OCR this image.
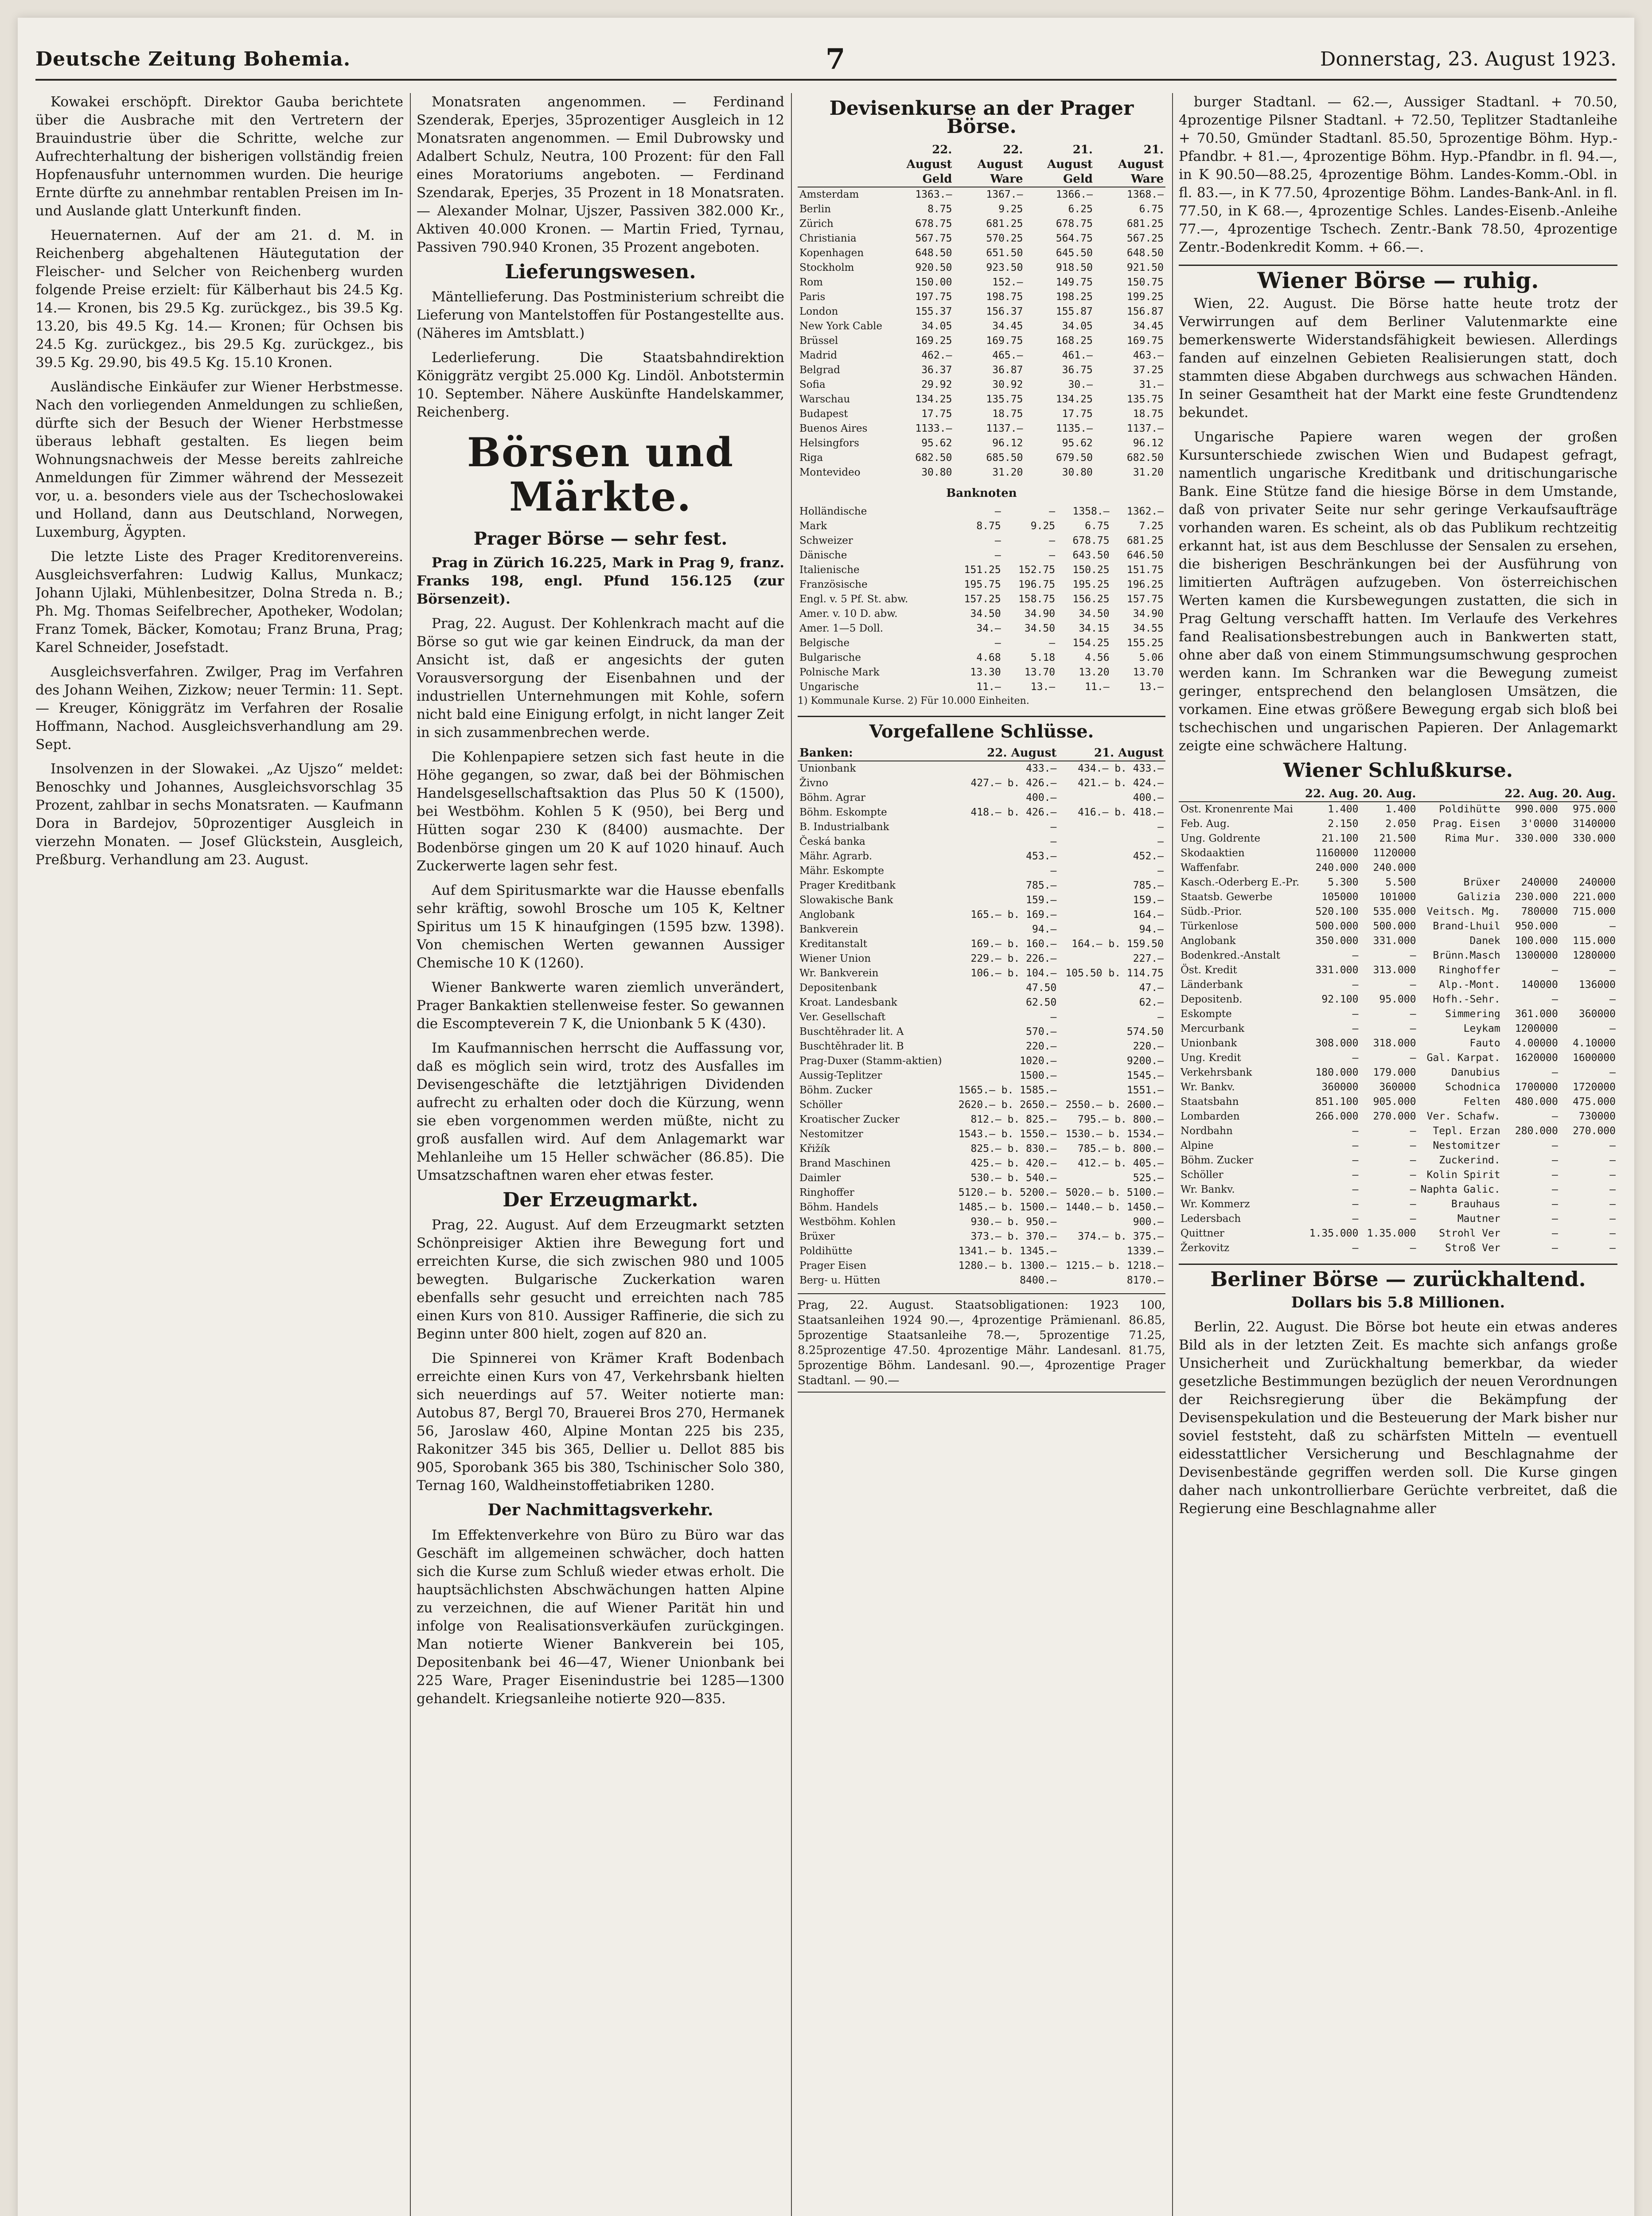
Deutsche Zeitung Bohemia.	7	Donnerstag, 23. August 1923.

Kowakei erschöpft. Direktor Gauba berichtete über die Ausbrache mit den Vertretern der Brauindustrie über die Schritte, welche zur Aufrechterhaltung der bisherigen vollständig freien Hopfenausfuhr unternommen wurden. Die heurige Ernte dürfte zu annehmbar rentablen Preisen im In- und Auslande glatt Unterkunft finden.

Heuernaternen. Auf der am 21. d. M. in Reichenberg abgehaltenen Häutegutation der Fleischer- und Selcher von Reichenberg wurden folgende Preise erzielt: für Kälberhaut bis 24.5 Kg. 14.— Kronen, bis 29.5 Kg. zurückgez., bis 39.5 Kg. 13.20, bis 49.5 Kg. 14.— Kronen; für Ochsen bis 24.5 Kg. zurückgez., bis 29.5 Kg. zurückgez., bis 39.5 Kg. 29.90, bis 49.5 Kg. 15.10 Kronen.

Ausländische Einkäufer zur Wiener Herbstmesse. Nach den vorliegenden Anmeldungen zu schließen, dürfte sich der Besuch der Wiener Herbstmesse überaus lebhaft gestalten. Es liegen beim Wohnungsnachweis der Messe bereits zahlreiche Anmeldungen für Zimmer während der Messezeit vor, u. a. besonders viele aus der Tschechoslowakei und Holland, dann aus Deutschland, Norwegen, Luxemburg, Ägypten.

Die letzte Liste des Prager Kreditorenvereins. Ausgleichsverfahren: Ludwig Kallus, Munkacz; Johann Ujlaki, Mühlenbesitzer, Dolna Streda n. B.; Ph. Mg. Thomas Seifelbrecher, Apotheker, Wodolan; Franz Tomek, Bäcker, Komotau; Franz Bruna, Prag; Karel Schneider, Josefstadt.

Ausgleichsverfahren. Zwilger, Prag im Verfahren des Johann Weihen, Zizkow; neuer Termin: 11. Sept. — Kreuger, Königgrätz im Verfahren der Rosalie Hoffmann, Nachod. Ausgleichsverhandlung am 29. Sept.

Insolvenzen in der Slowakei. „Az Ujszo“ meldet: Benoschky und Johannes, Ausgleichsvorschlag 35 Prozent, zahlbar in sechs Monatsraten. — Kaufmann Dora in Bardejov, 50prozentiger Ausgleich in vierzehn Monaten. — Josef Glückstein, Ausgleich, Preßburg. Verhandlung am 23. August.

Monatsraten angenommen. — Ferdinand Szenderak, Eperjes, 35prozentiger Ausgleich in 12 Monatsraten angenommen. — Emil Dubrowsky und Adalbert Schulz, Neutra, 100 Prozent: für den Fall eines Moratoriums angeboten. — Ferdinand Szendarak, Eperjes, 35 Prozent in 18 Monatsraten. — Alexander Molnar, Ujszer, Passiven 382.000 Kr., Aktiven 40.000 Kronen. — Martin Fried, Tyrnau, Passiven 790.940 Kronen, 35 Prozent angeboten.

Lieferungswesen.

Mäntellieferung. Das Postministerium schreibt die Lieferung von Mantelstoffen für Postangestellte aus. (Näheres im Amtsblatt.)

Lederlieferung. Die Staatsbahndirektion Königgrätz vergibt 25.000 Kg. Lindöl. Anbotstermin 10. September. Nähere Auskünfte Handelskammer, Reichenberg.

Börsen und Märkte.
Prager Börse — sehr fest.

Prag in Zürich 16.225, Mark in Prag 9, franz. Franks 198, engl. Pfund 156.125 (zur Börsenzeit).

Prag, 22. August. Der Kohlenkrach macht auf die Börse so gut wie gar keinen Eindruck, da man der Ansicht ist, daß er angesichts der guten Vorausversorgung der Eisenbahnen und der industriellen Unternehmungen mit Kohle, sofern nicht bald eine Einigung erfolgt, in nicht langer Zeit in sich zusammenbrechen werde.

Die Kohlenpapiere setzen sich fast heute in die Höhe gegangen, so zwar, daß bei der Böhmischen Handelsgesellschaftsaktion das Plus 50 K (1500), bei Westböhm. Kohlen 5 K (950), bei Berg und Hütten sogar 230 K (8400) ausmachte. Der Bodenbörse gingen um 20 K auf 1020 hinauf. Auch Zuckerwerte lagen sehr fest.

Auf dem Spiritusmarkte war die Hausse ebenfalls sehr kräftig, sowohl Brosche um 105 K, Keltner Spiritus um 15 K hinaufgingen (1595 bzw. 1398). Von chemischen Werten gewannen Aussiger Chemische 10 K (1260).

Wiener Bankwerte waren ziemlich unverändert, Prager Bankaktien stellenweise fester. So gewannen die Escompteverein 7 K, die Unionbank 5 K (430).

Im Kaufmannischen herrscht die Auffassung vor, daß es möglich sein wird, trotz des Ausfalles im Devisengeschäfte die letztjährigen Dividenden aufrecht zu erhalten oder doch die Kürzung, wenn sie eben vorgenommen werden müßte, nicht zu groß ausfallen wird. Auf dem Anlagemarkt war Mehlanleihe um 15 Heller schwächer (86.85). Die Umsatzschaftnen waren eher etwas fester.

Der Erzeugmarkt.

Prag, 22. August. Auf dem Erzeugmarkt setzten Schönpreisiger Aktien ihre Bewegung fort und erreichten Kurse, die sich zwischen 980 und 1005 bewegten. Bulgarische Zuckerkation waren ebenfalls sehr gesucht und erreichten nach 785 einen Kurs von 810. Aussiger Raffinerie, die sich zu Beginn unter 800 hielt, zogen auf 820 an.

Die Spinnerei von Krämer Kraft Bodenbach erreichte einen Kurs von 47, Verkehrsbank hielten sich neuerdings auf 57. Weiter notierte man: Autobus 87, Bergl 70, Brauerei Bros 270, Hermanek 56, Jaroslaw 460, Alpine Montan 225 bis 235, Rakonitzer 345 bis 365, Dellier u. Dellot 885 bis 905, Sporobank 365 bis 380, Tschinischer Solo 380, Ternag 160, Waldheinstoffetiabriken 1280.

Der Nachmittagsverkehr.

Im Effektenverkehre von Büro zu Büro war das Geschäft im allgemeinen schwächer, doch hatten sich die Kurse zum Schluß wieder etwas erholt. Die hauptsächlichsten Abschwächungen hatten Alpine zu verzeichnen, die auf Wiener Parität hin und infolge von Realisationsverkäufen zurückgingen. Man notierte Wiener Bankverein bei 105, Depositenbank bei 46—47, Wiener Unionbank bei 225 Ware, Prager Eisenindustrie bei 1285—1300 gehandelt. Kriegsanleihe notierte 920—835.

Devisenkurse an der Prager Börse.
	22. August Geld	22. August Ware	21. August Geld	21. August Ware
Amsterdam	1363.—	1367.—	1366.—	1368.—
Berlin	8.75	9.25	6.25	6.75
Zürich	678.75	681.25	678.75	681.25
Christiania	567.75	570.25	564.75	567.25
Kopenhagen	648.50	651.50	645.50	648.50
Stockholm	920.50	923.50	918.50	921.50
Rom	150.00	152.—	149.75	150.75
Paris	197.75	198.75	198.25	199.25
London	155.37	156.37	155.87	156.87
New York Cable	34.05	34.45	34.05	34.45
Brüssel	169.25	169.75	168.25	169.75
Madrid	462.—	465.—	461.—	463.—
Belgrad	36.37	36.87	36.75	37.25
Sofia	29.92	30.92	30.—	31.—
Warschau	134.25	135.75	134.25	135.75
Budapest	17.75	18.75	17.75	18.75
Buenos Aires	1133.—	1137.—	1135.—	1137.—
Helsingfors	95.62	96.12	95.62	96.12
Riga	682.50	685.50	679.50	682.50
Montevideo	30.80	31.20	30.80	31.20
Banknoten
Holländische	—	—	1358.—	1362.—
Mark	8.75	9.25	6.75	7.25
Schweizer	—	—	678.75	681.25
Dänische	—	—	643.50	646.50
Italienische	151.25	152.75	150.25	151.75
Französische	195.75	196.75	195.25	196.25
Engl. v. 5 Pf. St. abw.	157.25	158.75	156.25	157.75
Amer. v. 10 D. abw.	34.50	34.90	34.50	34.90
Amer. 1—5 Doll.	34.—	34.50	34.15	34.55
Belgische	—	—	154.25	155.25
Bulgarische	4.68	5.18	4.56	5.06
Polnische Mark	13.30	13.70	13.20	13.70
Ungarische	11.—	13.—	11.—	13.—
1) Kommunale Kurse. 2) Für 10.000 Einheiten.
Vorgefallene Schlüsse.
Banken:	22. August	21. August
Unionbank	433.—	434.— b. 433.—
Živno	427.— b. 426.—	421.— b. 424.—
Böhm. Agrar	400.—	400.—
Böhm. Eskompte	418.— b. 426.—	416.— b. 418.—
B. Industrialbank	—	—
Česká banka	—	—
Mähr. Agrarb.	453.—	452.—
Mähr. Eskompte	—	—
Prager Kreditbank	785.—	785.—
Slowakische Bank	159.—	159.—
Anglobank	165.— b. 169.—	164.—
Bankverein	94.—	94.—
Kreditanstalt	169.— b. 160.—	164.— b. 159.50
Wiener Union	229.— b. 226.—	227.—
Wr. Bankverein	106.— b. 104.—	105.50 b. 114.75
Depositenbank	47.50	47.—
Kroat. Landesbank	62.50	62.—
Ver. Gesellschaft	—	—
Buschtěhrader lit. A	570.—	574.50
Buschtěhrader lit. B	220.—	220.—
Prag-Duxer (Stamm-aktien)	1020.—	9200.—
Aussig-Teplitzer	1500.—	1545.—
Böhm. Zucker	1565.— b. 1585.—	1551.—
Schöller	2620.— b. 2650.—	2550.— b. 2600.—
Kroatischer Zucker	812.— b. 825.—	795.— b. 800.—
Nestomitzer	1543.— b. 1550.—	1530.— b. 1534.—
Křižík	825.— b. 830.—	785.— b. 800.—
Brand Maschinen	425.— b. 420.—	412.— b. 405.—
Daimler	530.— b. 540.—	525.—
Ringhoffer	5120.— b. 5200.—	5020.— b. 5100.—
Böhm. Handels	1485.— b. 1500.—	1440.— b. 1450.—
Westböhm. Kohlen	930.— b. 950.—	900.—
Brüxer	373.— b. 370.—	374.— b. 375.—
Poldihütte	1341.— b. 1345.—	1339.—
Prager Eisen	1280.— b. 1300.—	1215.— b. 1218.—
Berg- u. Hütten	8400.—	8170.—
Prag, 22. August. Staatsobligationen: 1923 100, Staatsanleihen 1924 90.—, 4prozentige Prämienanl. 86.85, 5prozentige Staatsanleihe 78.—, 5prozentige 71.25, 8.25prozentige 47.50. 4prozentige Mähr. Landesanl. 81.75, 5prozentige Böhm. Landesanl. 90.—, 4prozentige Prager Stadtanl. — 90.—

burger Stadtanl. — 62.—, Aussiger Stadtanl. + 70.50, 4prozentige Pilsner Stadtanl. + 72.50, Teplitzer Stadtanleihe + 70.50, Gmünder Stadtanl. 85.50, 5prozentige Böhm. Hyp.-Pfandbr. + 81.—, 4prozentige Böhm. Hyp.-Pfandbr. in fl. 94.—, in K 90.50—88.25, 4prozentige Böhm. Landes-Komm.-Obl. in fl. 83.—, in K 77.50, 4prozentige Böhm. Landes-Bank-Anl. in fl. 77.50, in K 68.—, 4prozentige Schles. Landes-Eisenb.-Anleihe 77.—, 4prozentige Tschech. Zentr.-Bank 78.50, 4prozentige Zentr.-Bodenkredit Komm. + 66.—.

Wiener Börse — ruhig.

Wien, 22. August. Die Börse hatte heute trotz der Verwirrungen auf dem Berliner Valutenmarkte eine bemerkenswerte Widerstandsfähigkeit bewiesen. Allerdings fanden auf einzelnen Gebieten Realisierungen statt, doch stammten diese Abgaben durchwegs aus schwachen Händen. In seiner Gesamtheit hat der Markt eine feste Grundtendenz bekundet.

Ungarische Papiere waren wegen der großen Kursunterschiede zwischen Wien und Budapest gefragt, namentlich ungarische Kreditbank und dritischungarische Bank. Eine Stütze fand die hiesige Börse in dem Umstande, daß von privater Seite nur sehr geringe Verkaufsaufträge vorhanden waren. Es scheint, als ob das Publikum rechtzeitig erkannt hat, ist aus dem Beschlusse der Sensalen zu ersehen, die bisherigen Beschränkungen bei der Ausführung von limitierten Aufträgen aufzugeben. Von österreichischen Werten kamen die Kursbewegungen zustatten, die sich in Prag Geltung verschafft hatten. Im Verlaufe des Verkehres fand Realisationsbestrebungen auch in Bankwerten statt, ohne aber daß von einem Stimmungsumschwung gesprochen werden kann. Im Schranken war die Bewegung zumeist geringer, entsprechend den belanglosen Umsätzen, die vorkamen. Eine etwas größere Bewegung ergab sich bloß bei tschechischen und ungarischen Papieren. Der Anlagemarkt zeigte eine schwächere Haltung.

Wiener Schlußkurse.
	22. Aug.	20. Aug.		22. Aug.	20. Aug.
Ost. Kronenrente Mai	1.400	1.400	Poldihütte	990.000	975.000
Feb. Aug.	2.150	2.050	Prag. Eisen	3'0000	3140000
Ung. Goldrente	21.100	21.500	Rima Mur.	330.000	330.000
Skodaaktien	1160000	1120000			
Waffenfabr.	240.000	240.000			
Kasch.-Oderberg E.-Pr.	5.300	5.500	Brüxer	240000	240000
Staatsb. Gewerbe	105000	101000	Galizia	230.000	221.000
Südb.-Prior.	520.100	535.000	Veitsch. Mg.	780000	715.000
Türkenlose	500.000	500.000	Brand-Lhuil	950.000	—
Anglobank	350.000	331.000	Danek	100.000	115.000
Bodenkred.-Anstalt	—	—	Brünn.Masch	1300000	1280000
Öst. Kredit	331.000	313.000	Ringhoffer	—	—
Länderbank	—	—	Alp.-Mont.	140000	136000
Depositenb.	92.100	95.000	Hofh.-Sehr.	—	—
Eskompte	—	—	Simmering	361.000	360000
Mercurbank	—	—	Leykam	1200000	—
Unionbank	308.000	318.000	Fauto	4.00000	4.10000
Ung. Kredit	—	—	Gal. Karpat.	1620000	1600000
Verkehrsbank	180.000	179.000	Danubius	—	—
Wr. Bankv.	360000	360000	Schodnica	1700000	1720000
Staatsbahn	851.100	905.000	Felten	480.000	475.000
Lombarden	266.000	270.000	Ver. Schafw.	—	730000
Nordbahn	—	—	Tepl. Erzan	280.000	270.000
Alpine	—	—	Nestomitzer	—	—
Böhm. Zucker	—	—	Zuckerind.	—	—
Schöller	—	—	Kolin Spirit	—	—
Wr. Bankv.	—	—	Naphta Galic.	—	—
Wr. Kommerz	—	—	Brauhaus	—	—
Ledersbach	—	—	Mautner	—	—
Quittner	1.35.000	1.35.000	Strohl Ver	—	—
Žerkovitz	—	—	Stroß Ver	—	—
Berliner Börse — zurückhaltend.
Dollars bis 5.8 Millionen.

Berlin, 22. August. Die Börse bot heute ein etwas anderes Bild als in der letzten Zeit. Es machte sich anfangs große Unsicherheit und Zurückhaltung bemerkbar, da wieder gesetzliche Bestimmungen bezüglich der neuen Verordnungen der Reichsregierung über die Bekämpfung der Devisenspekulation und die Besteuerung der Mark bisher nur soviel feststeht, daß zu schärfsten Mitteln — eventuell eidesstattlicher Versicherung und Beschlagnahme der Devisenbestände gegriffen werden soll. Die Kurse gingen daher nach unkontrollierbare Gerüchte verbreitet, daß die Regierung eine Beschlagnahme aller
